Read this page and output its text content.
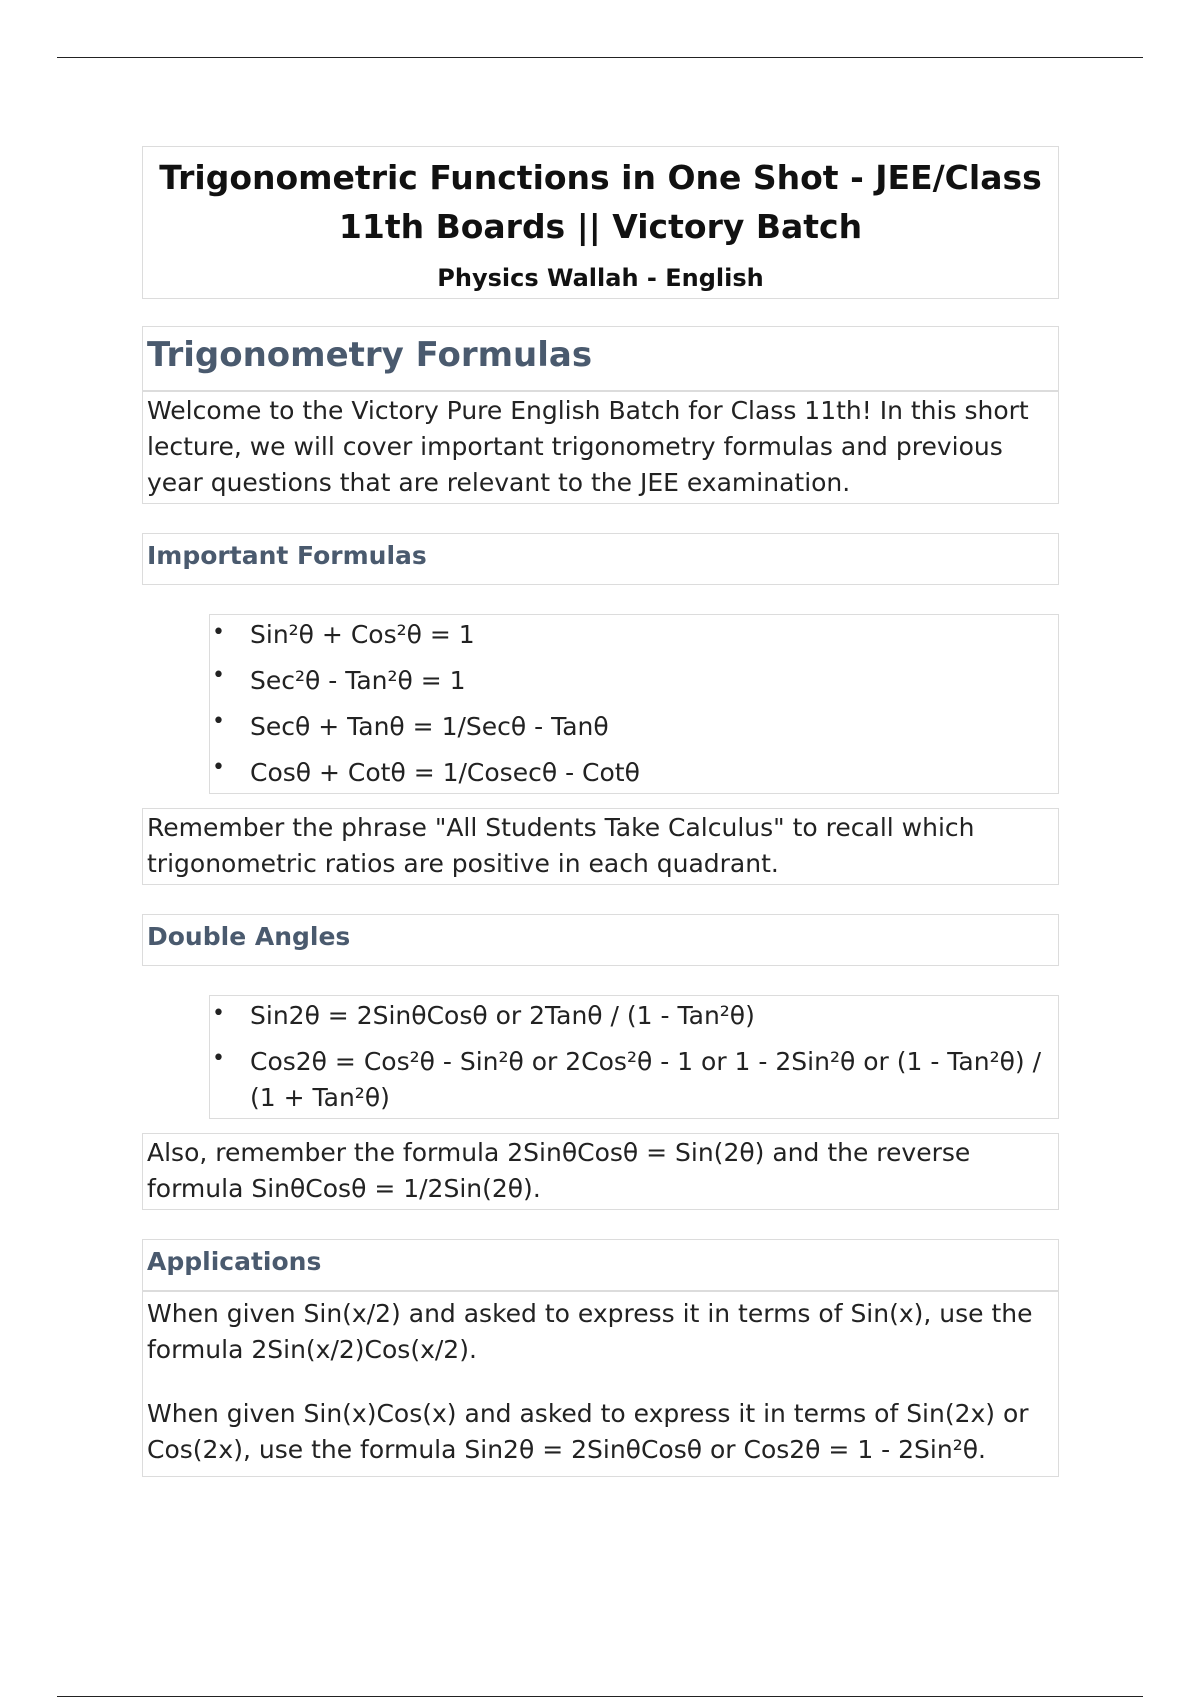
Trigonometric Functions in One Shot - JEE/Class 11th Boards || Victory Batch
Physics Wallah - English
Trigonometry Formulas
Welcome to the Victory Pure English Batch for Class 11th! In this short lecture, we will cover important trigonometry formulas and previous year questions that are relevant to the JEE examination.
Important Formulas
• Sin²θ + Cos²θ = 1
• Sec²θ - Tan²θ = 1
• Secθ + Tanθ = 1/Secθ - Tanθ
• Cosθ + Cotθ = 1/Cosecθ - Cotθ
Remember the phrase "All Students Take Calculus" to recall which trigonometric ratios are positive in each quadrant.
Double Angles
• Sin2θ = 2SinθCosθ or 2Tanθ / (1 - Tan²θ)
• Cos2θ = Cos²θ - Sin²θ or 2Cos²θ - 1 or 1 - 2Sin²θ or (1 - Tan²θ) / (1 + Tan²θ)
Also, remember the formula 2SinθCosθ = Sin(2θ) and the reverse formula SinθCosθ = 1/2Sin(2θ).
Applications
When given Sin(x/2) and asked to express it in terms of Sin(x), use the formula 2Sin(x/2)Cos(x/2).
When given Sin(x)Cos(x) and asked to express it in terms of Sin(2x) or Cos(2x), use the formula Sin2θ = 2SinθCosθ or Cos2θ = 1 - 2Sin²θ.
